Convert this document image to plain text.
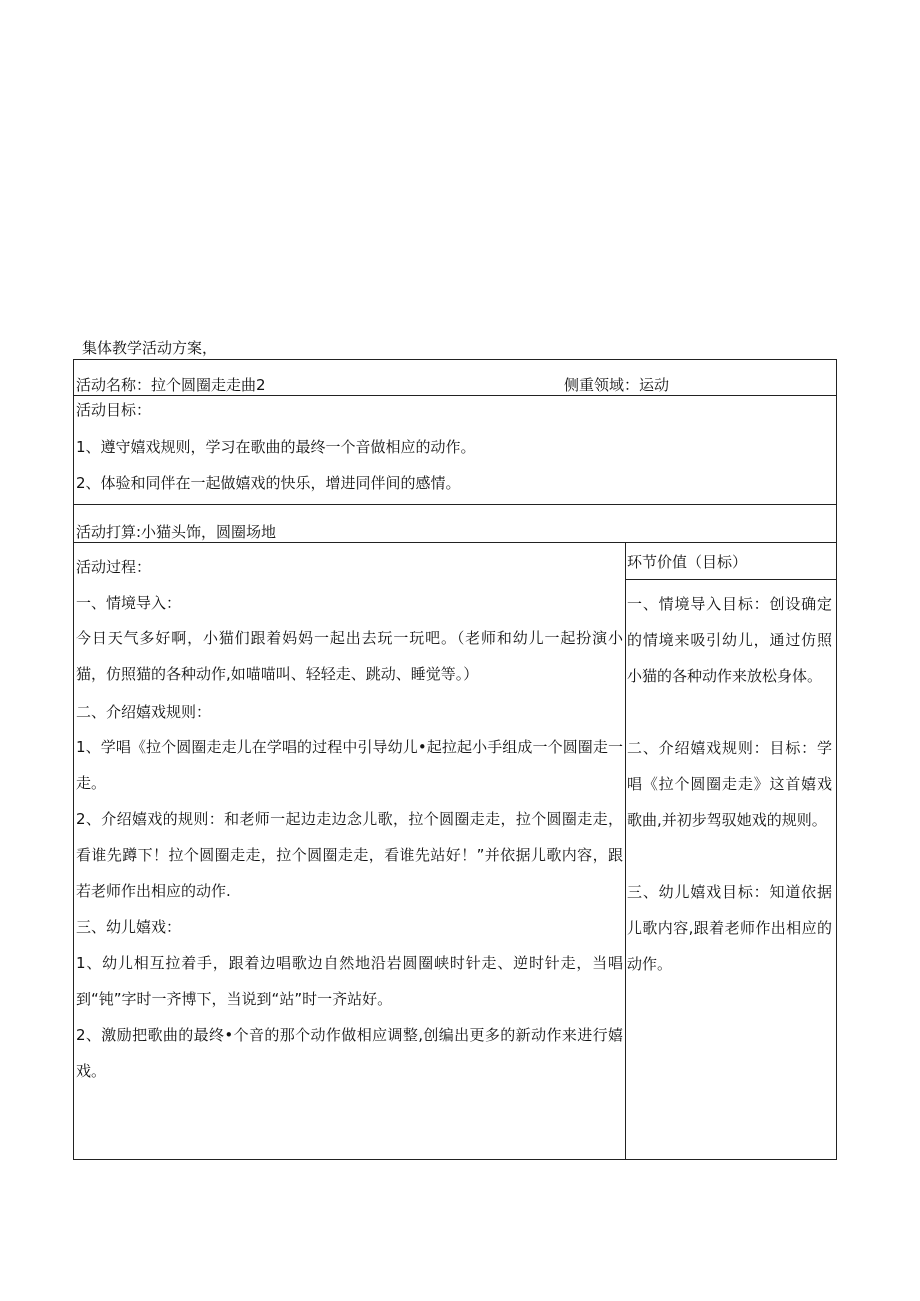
集体教学活动方案，
活动名称：拉个圆圈走走曲2	侧重领域：运动
活动目标：
1、遵守嬉戏规则，学习在歌曲的最终一个音做相应的动作。
2、体验和同伴在一起做嬉戏的快乐，增进同伴间的感情。
活动打算:小猫头饰，圆圈场地
活动过程：
一、情境导入：
今日天气多好啊，小猫们跟着妈妈一起出去玩一玩吧。（老师和幼儿一起扮演小猫，仿照猫的各种动作,如喵喵叫、轻轻走、跳动、睡觉等。）
二、介绍嬉戏规则：
1、学唱《拉个圆圈走走儿在学唱的过程中引导幼儿•起拉起小手组成一个圆圈走一走。
2、介绍嬉戏的规则：和老师一起边走边念儿歌，拉个圆圈走走，拉个圆圈走走，看谁先蹲下！拉个圆圈走走，拉个圆圈走走，看谁先站好！”并依据儿歌内容，跟若老师作出相应的动作.
三、幼儿嬉戏：
1、幼儿相互拉着手，跟着边唱歌边自然地沿岩圆圈峡时针走、逆时针走，当唱到“钝”字时一齐博下，当说到“站”时一齐站好。
2、激励把歌曲的最终•个音的那个动作做相应调整,创编出更多的新动作来进行嬉戏。
环节价值（目标）
一、情境导入目标：创设确定的情境来吸引幼儿，通过仿照小猫的各种动作来放松身体。
二、介绍嬉戏规则：目标：学唱《拉个圆圈走走》这首嬉戏歌曲,并初步驾驭她戏的规则。
三、幼儿嬉戏目标：知道依据儿歌内容,跟着老师作出相应的动作。
